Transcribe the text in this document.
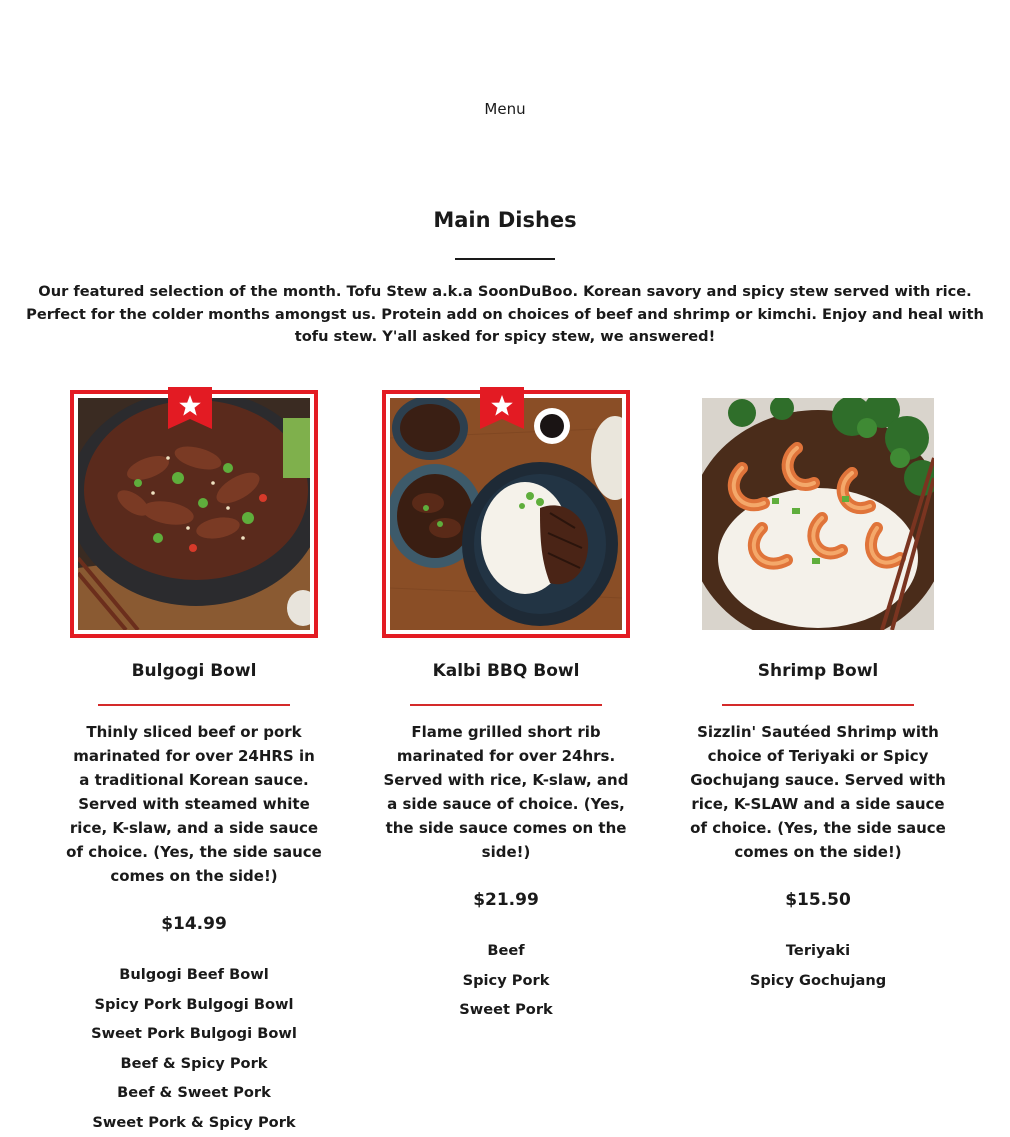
Menu
Main Dishes

Our featured selection of the month. Tofu Stew a.k.a SoonDuBoo. Korean savory and spicy stew served with rice. Perfect for the colder months amongst us. Protein add on choices of beef and shrimp or kimchi. Enjoy and heal with tofu stew. Y'all asked for spicy stew, we answered!

Bulgogi Bowl
Thinly sliced beef or pork marinated for over 24HRS in a traditional Korean sauce. Served with steamed white rice, K-slaw, and a side sauce of choice. (Yes, the side sauce comes on the side!)
$14.99
Bulgogi Beef Bowl
Spicy Pork Bulgogi Bowl
Sweet Pork Bulgogi Bowl
Beef & Spicy Pork
Beef & Sweet Pork
Sweet Pork & Spicy Pork
Kalbi BBQ Bowl
Flame grilled short rib marinated for over 24hrs. Served with rice, K-slaw, and a side sauce of choice. (Yes, the side sauce comes on the side!)
$21.99
Beef
Spicy Pork
Sweet Pork
Shrimp Bowl
Sizzlin' Sautéed Shrimp with choice of Teriyaki or Spicy Gochujang sauce. Served with rice, K-SLAW and a side sauce of choice. (Yes, the side sauce comes on the side!)
$15.50
Teriyaki
Spicy Gochujang
